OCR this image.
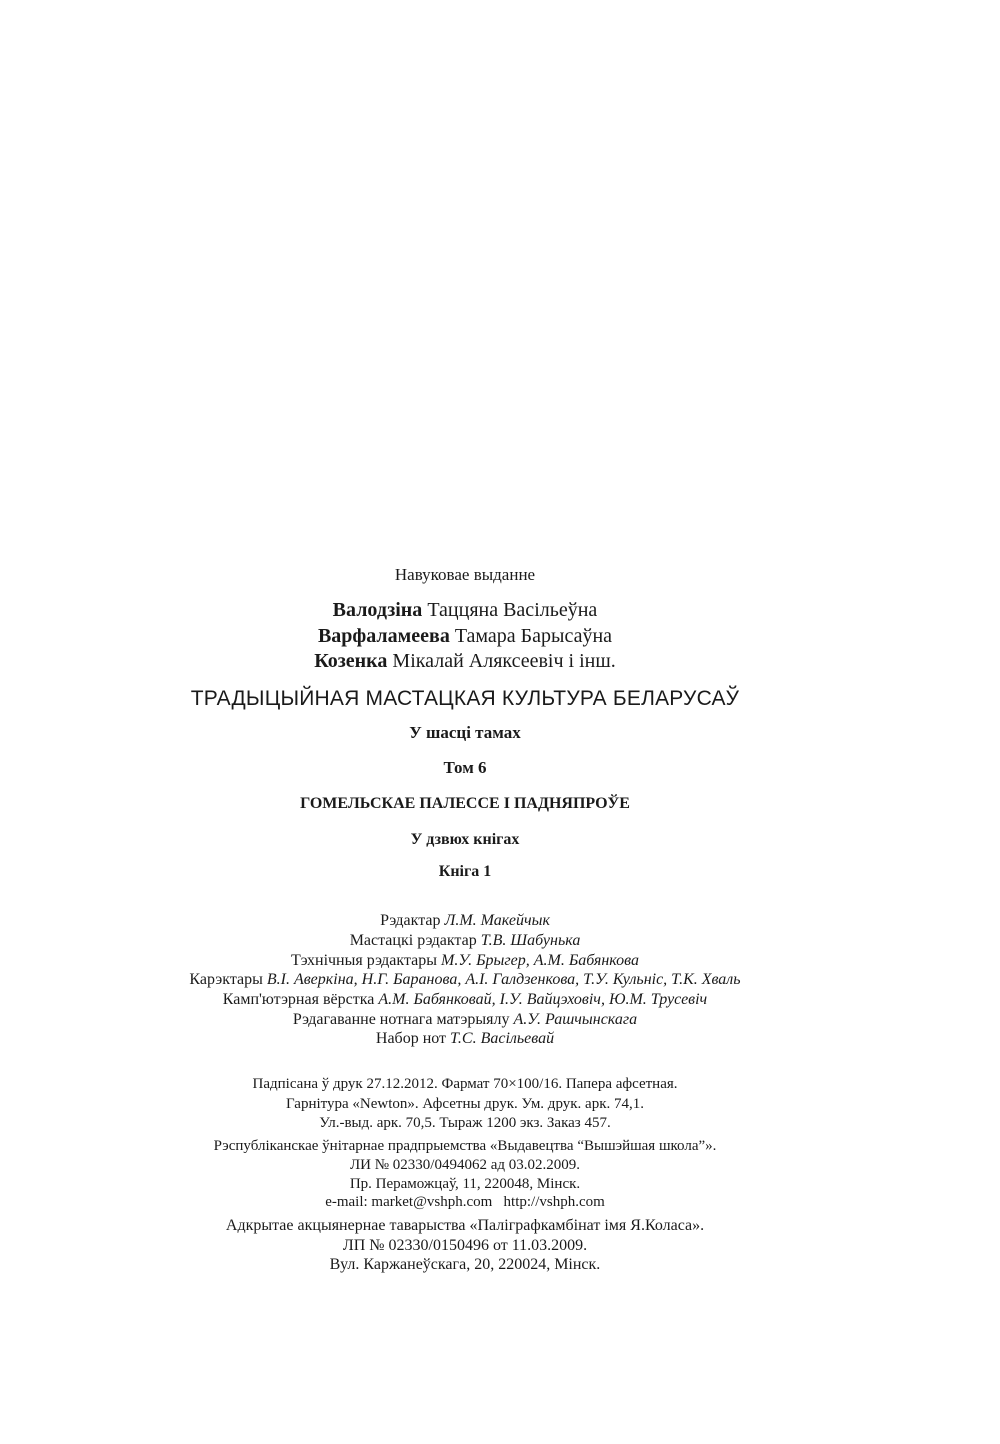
Навуковае выданне
Валодзіна Таццяна Васільеўна
Варфаламеева Тамара Барысаўна
Козенка Мікалай Аляксеевіч і інш.
ТРАДЫЦЫЙНАЯ МАСТАЦКАЯ КУЛЬТУРА БЕЛАРУСАЎ
У шасці тамах
Том 6
ГОМЕЛЬСКАЕ ПАЛЕССЕ І ПАДНЯПРОЎЕ
У дзвюх кнігах
Кніга 1
Рэдактар Л.М. Макейчык
Мастацкі рэдактар Т.В. Шабунька
Тэхнічныя рэдактары М.У. Брыгер, А.М. Бабянкова
Карэктары В.І. Аверкіна, Н.Г. Баранова, А.І. Галдзенкова, Т.У. Кульніс, Т.К. Хваль
Камп'ютэрная вёрстка А.М. Бабянковай, І.У. Вайцэховіч, Ю.М. Трусевіч
Рэдагаванне нотнага матэрыялу А.У. Рашчынскага
Набор нот Т.С. Васільевай
Падпісана ў друк 27.12.2012. Фармат 70×100/16. Папера афсетная.
Гарнітура «Newton». Афсетны друк. Ум. друк. арк. 74,1.
Ул.-выд. арк. 70,5. Тыраж 1200 экз. Заказ 457.
Рэспубліканскае ўнітарнае прадпрыемства «Выдавецтва “Вышэйшая школа”».
ЛИ № 02330/0494062 ад 03.02.2009.
Пр. Пераможцаў, 11, 220048, Мінск.
e-mail: market@vshph.com   http://vshph.com
Адкрытае акцыянернае таварыства «Паліграфкамбінат імя Я.Коласа».
ЛП № 02330/0150496 от 11.03.2009.
Вул. Каржанеўскага, 20, 220024, Мінск.
